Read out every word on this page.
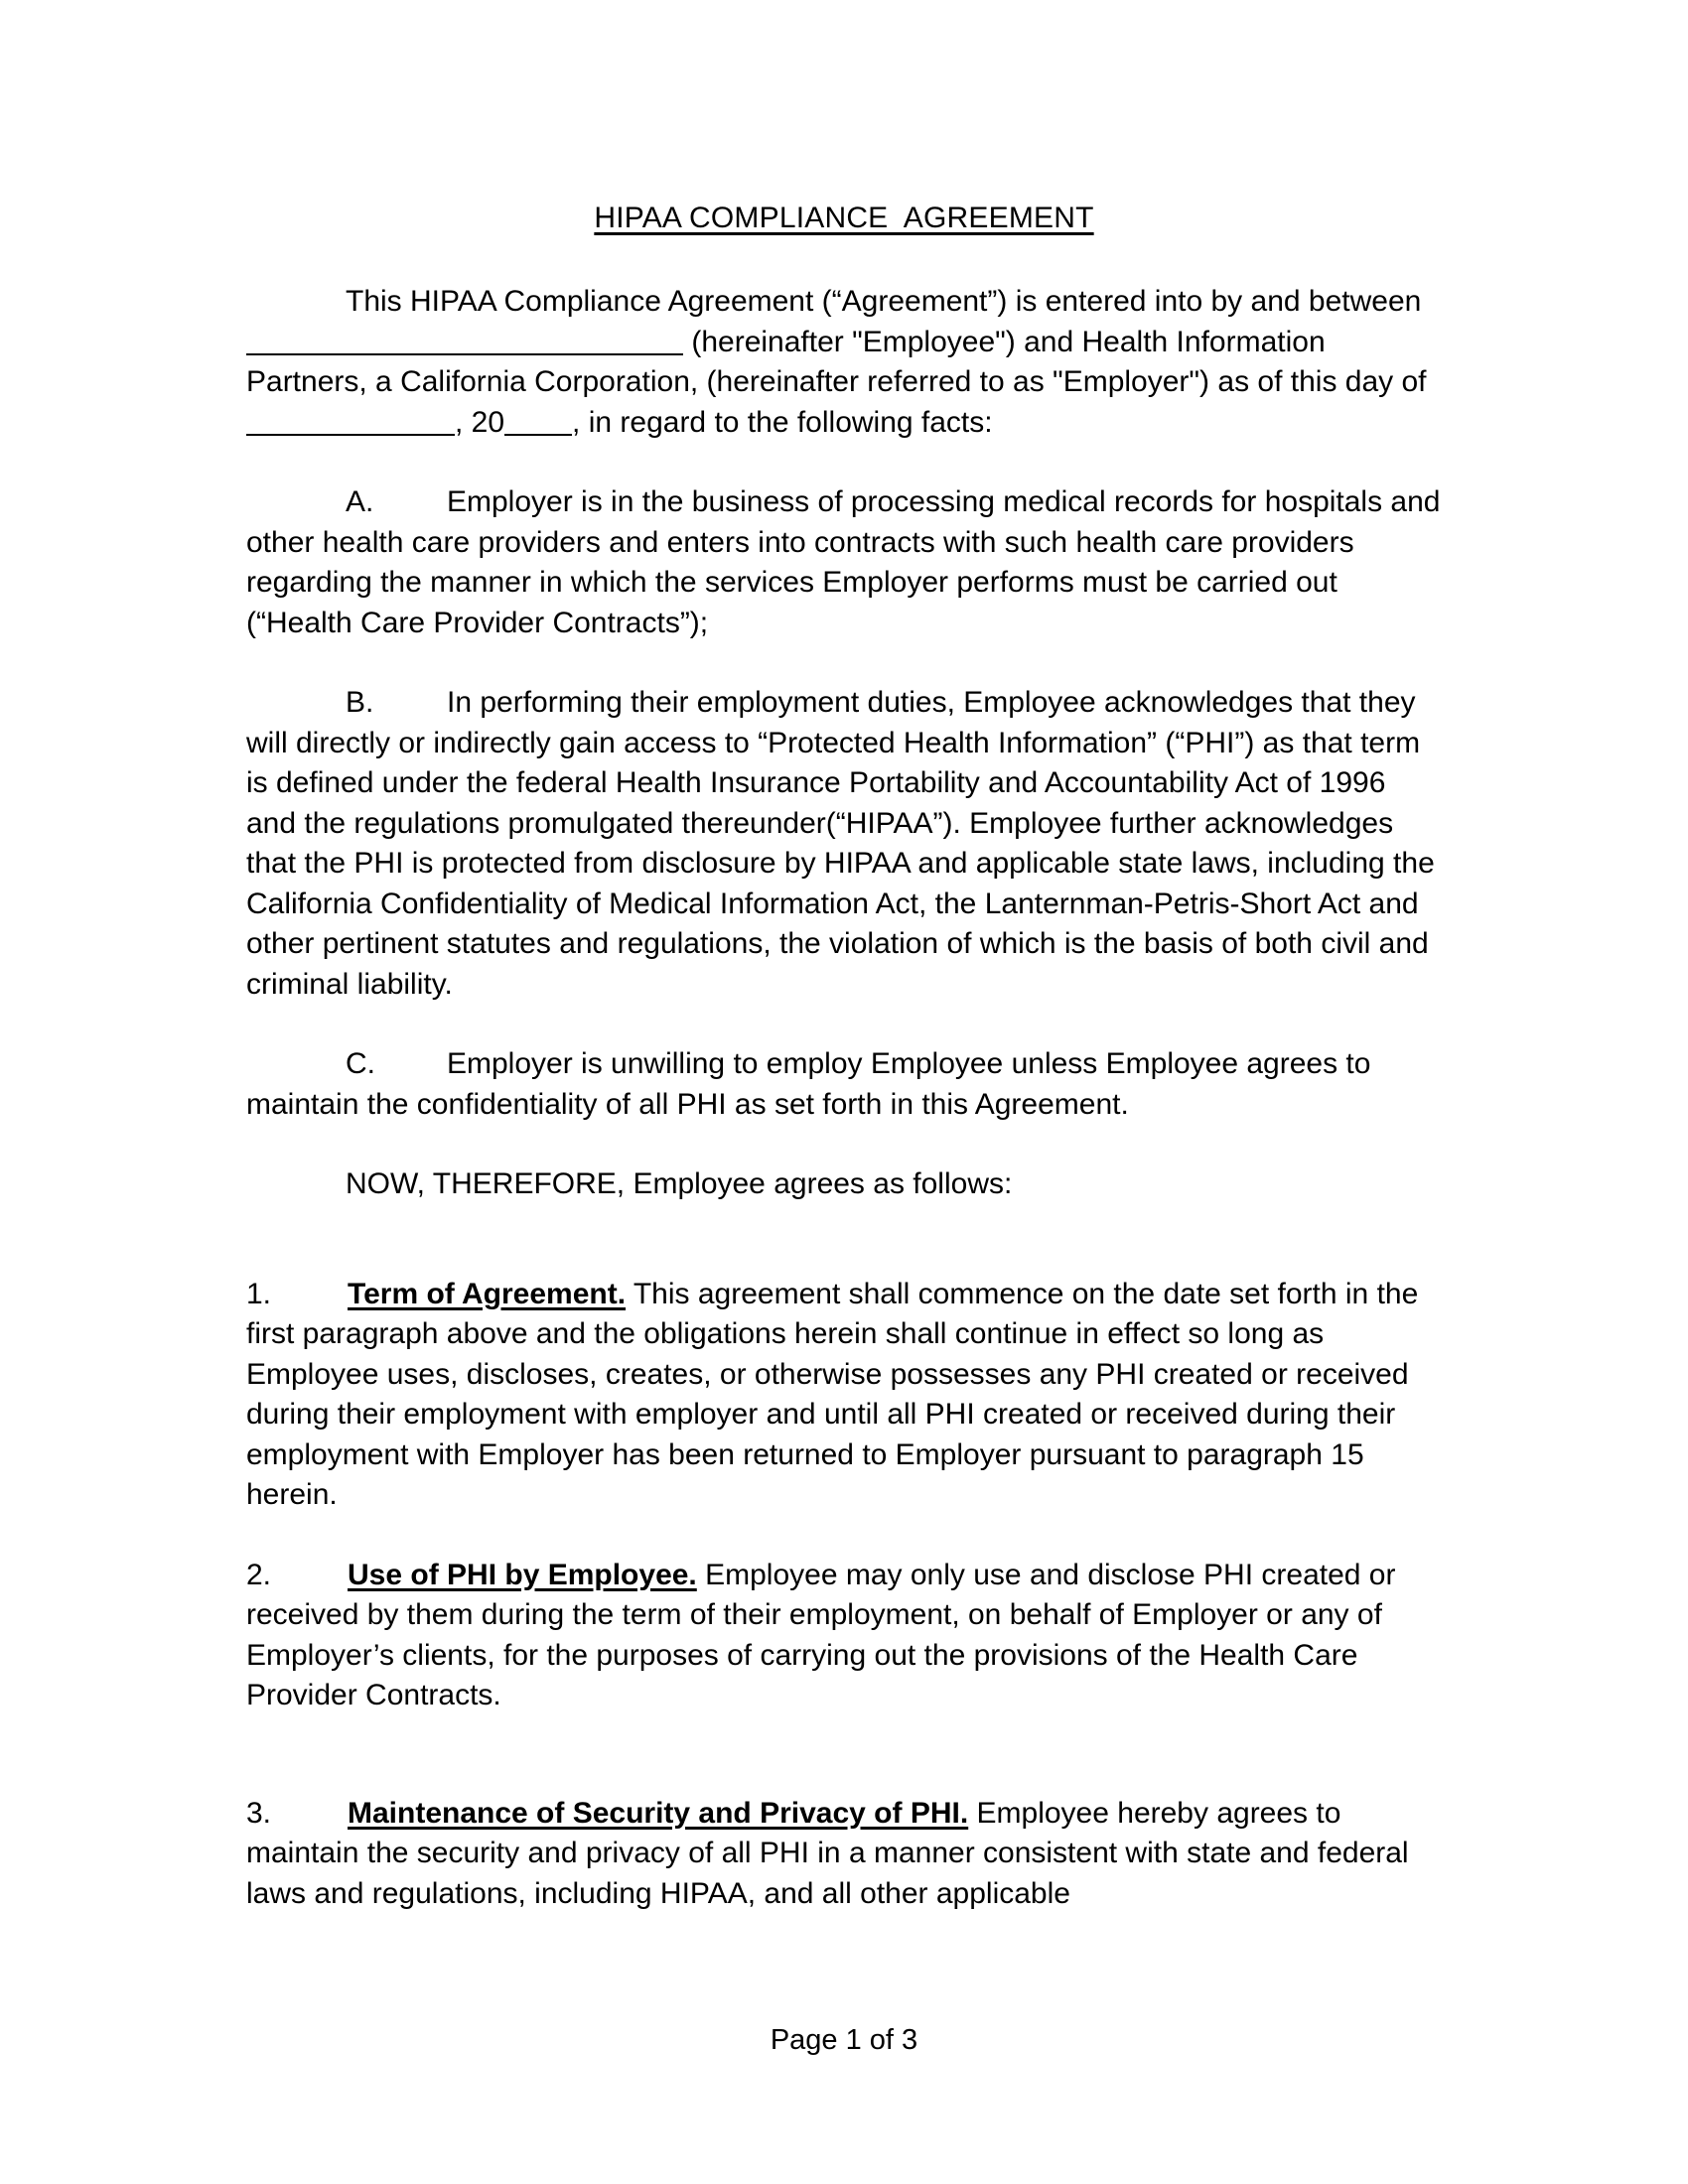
HIPAA COMPLIANCE  AGREEMENT

This HIPAA Compliance Agreement (“Agreement”) is entered into by and between (hereinafter "Employee") and Health Information Partners, a California Corporation, (hereinafter referred to as "Employer") as of this day of , 20 , in regard to the following facts:

A. Employer is in the business of processing medical records for hospitals and other health care providers and enters into contracts with such health care providers regarding the manner in which the services Employer performs must be carried out (“Health Care Provider Contracts”);

B. In performing their employment duties, Employee acknowledges that they will directly or indirectly gain access to “Protected Health Information” (“PHI”) as that term is defined under the federal Health Insurance Portability and Accountability Act of 1996 and the regulations promulgated thereunder(“HIPAA”). Employee further acknowledges that the PHI is protected from disclosure by HIPAA and applicable state laws, including the California Confidentiality of Medical Information Act, the Lanternman-Petris-Short Act and other pertinent statutes and regulations, the violation of which is the basis of both civil and criminal liability.

C. Employer is unwilling to employ Employee unless Employee agrees to maintain the confidentiality of all PHI as set forth in this Agreement.

NOW, THEREFORE, Employee agrees as follows:

1.	Term of Agreement. This agreement shall commence on the date set forth in the first paragraph above and the obligations herein shall continue in effect so long as Employee uses, discloses, creates, or otherwise possesses any PHI created or received during their employment with employer and until all PHI created or received during their employment with Employer has been returned to Employer pursuant to paragraph 15 herein.

2.	Use of PHI by Employee. Employee may only use and disclose PHI created or received by them during the term of their employment, on behalf of Employer or any of Employer’s clients, for the purposes of carrying out the provisions of the Health Care Provider Contracts.

3.	Maintenance of Security and Privacy of PHI. Employee hereby agrees to maintain the security and privacy of all PHI in a manner consistent with state and federal laws and regulations, including HIPAA, and all other applicable

Page 1 of 3
